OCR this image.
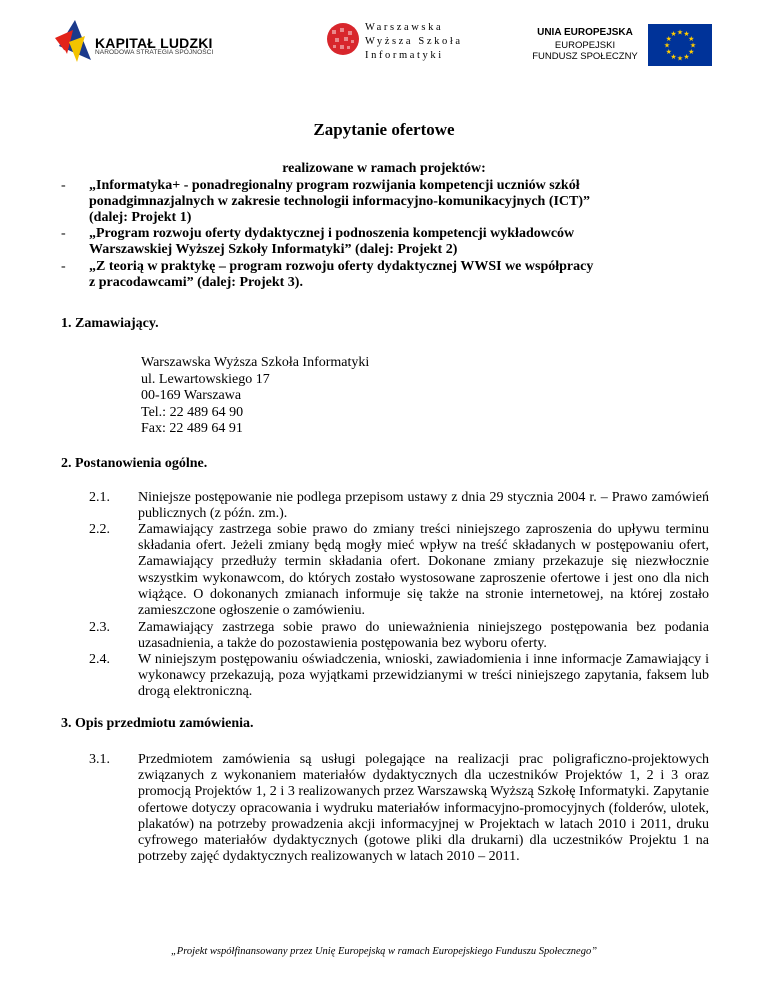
KAPITAŁ LUDZKI
NARODOWA STRATEGIA SPÓJNOŚCI
Warszawska
Wyższa Szkoła
Informatyki
UNIA EUROPEJSKA
EUROPEJSKI
FUNDUSZ SPOŁECZNY
★
★
★
★
★
★
★
★
★ ★ ★
★
Zapytanie ofertowe
realizowane w ramach projektów:
- „Informatyka+ - ponadregionalny program rozwijania kompetencji uczniów szkół
ponadgimnazjalnych w zakresie technologii informacyjno-komunikacyjnych (ICT)”
(dalej: Projekt 1)
- „Program rozwoju oferty dydaktycznej i podnoszenia kompetencji wykładowców
Warszawskiej Wyższej Szkoły Informatyki” (dalej: Projekt 2)
- „Z teorią w praktykę – program rozwoju oferty dydaktycznej WWSI we współpracy
z pracodawcami” (dalej: Projekt 3).
1. Zamawiający.
Warszawska Wyższa Szkoła Informatyki
ul. Lewartowskiego 17
00-169 Warszawa
Tel.: 22 489 64 90
Fax: 22 489 64 91
2. Postanowienia ogólne.
2.1. Niniejsze postępowanie nie podlega przepisom ustawy z dnia 29 stycznia 2004 r. – Prawo zamówień publicznych (z późn. zm.).
2.2. Zamawiający zastrzega sobie prawo do zmiany treści niniejszego zaproszenia do upływu terminu składania ofert. Jeżeli zmiany będą mogły mieć wpływ na treść składanych w postępowaniu ofert, Zamawiający przedłuży termin składania ofert. Dokonane zmiany przekazuje się niezwłocznie wszystkim wykonawcom, do których zostało wystosowane zaproszenie ofertowe i jest ono dla nich wiążące. O dokonanych zmianach informuje się także na stronie internetowej, na której zostało zamieszczone ogłoszenie o zamówieniu.
2.3. Zamawiający zastrzega sobie prawo do unieważnienia niniejszego postępowania bez podania uzasadnienia, a także do pozostawienia postępowania bez wyboru oferty.
2.4. W niniejszym postępowaniu oświadczenia, wnioski, zawiadomienia i inne informacje Zamawiający i wykonawcy przekazują, poza wyjątkami przewidzianymi w treści niniejszego zapytania, faksem lub drogą elektroniczną.
3. Opis przedmiotu zamówienia.
3.1. Przedmiotem zamówienia są usługi polegające na realizacji prac poligraficzno-projektowych związanych z wykonaniem materiałów dydaktycznych dla uczestników Projektów 1, 2 i 3 oraz promocją Projektów 1, 2 i 3 realizowanych przez Warszawską Wyższą Szkołę Informatyki. Zapytanie ofertowe dotyczy opracowania i wydruku materiałów informacyjno-promocyjnych (folderów, ulotek, plakatów) na potrzeby prowadzenia akcji informacyjnej w Projektach w latach 2010 i 2011, druku cyfrowego materiałów dydaktycznych (gotowe pliki dla drukarni) dla uczestników Projektu 1 na potrzeby zajęć dydaktycznych realizowanych w latach 2010 – 2011.
„Projekt współfinansowany przez Unię Europejską w ramach Europejskiego Funduszu Społecznego”
